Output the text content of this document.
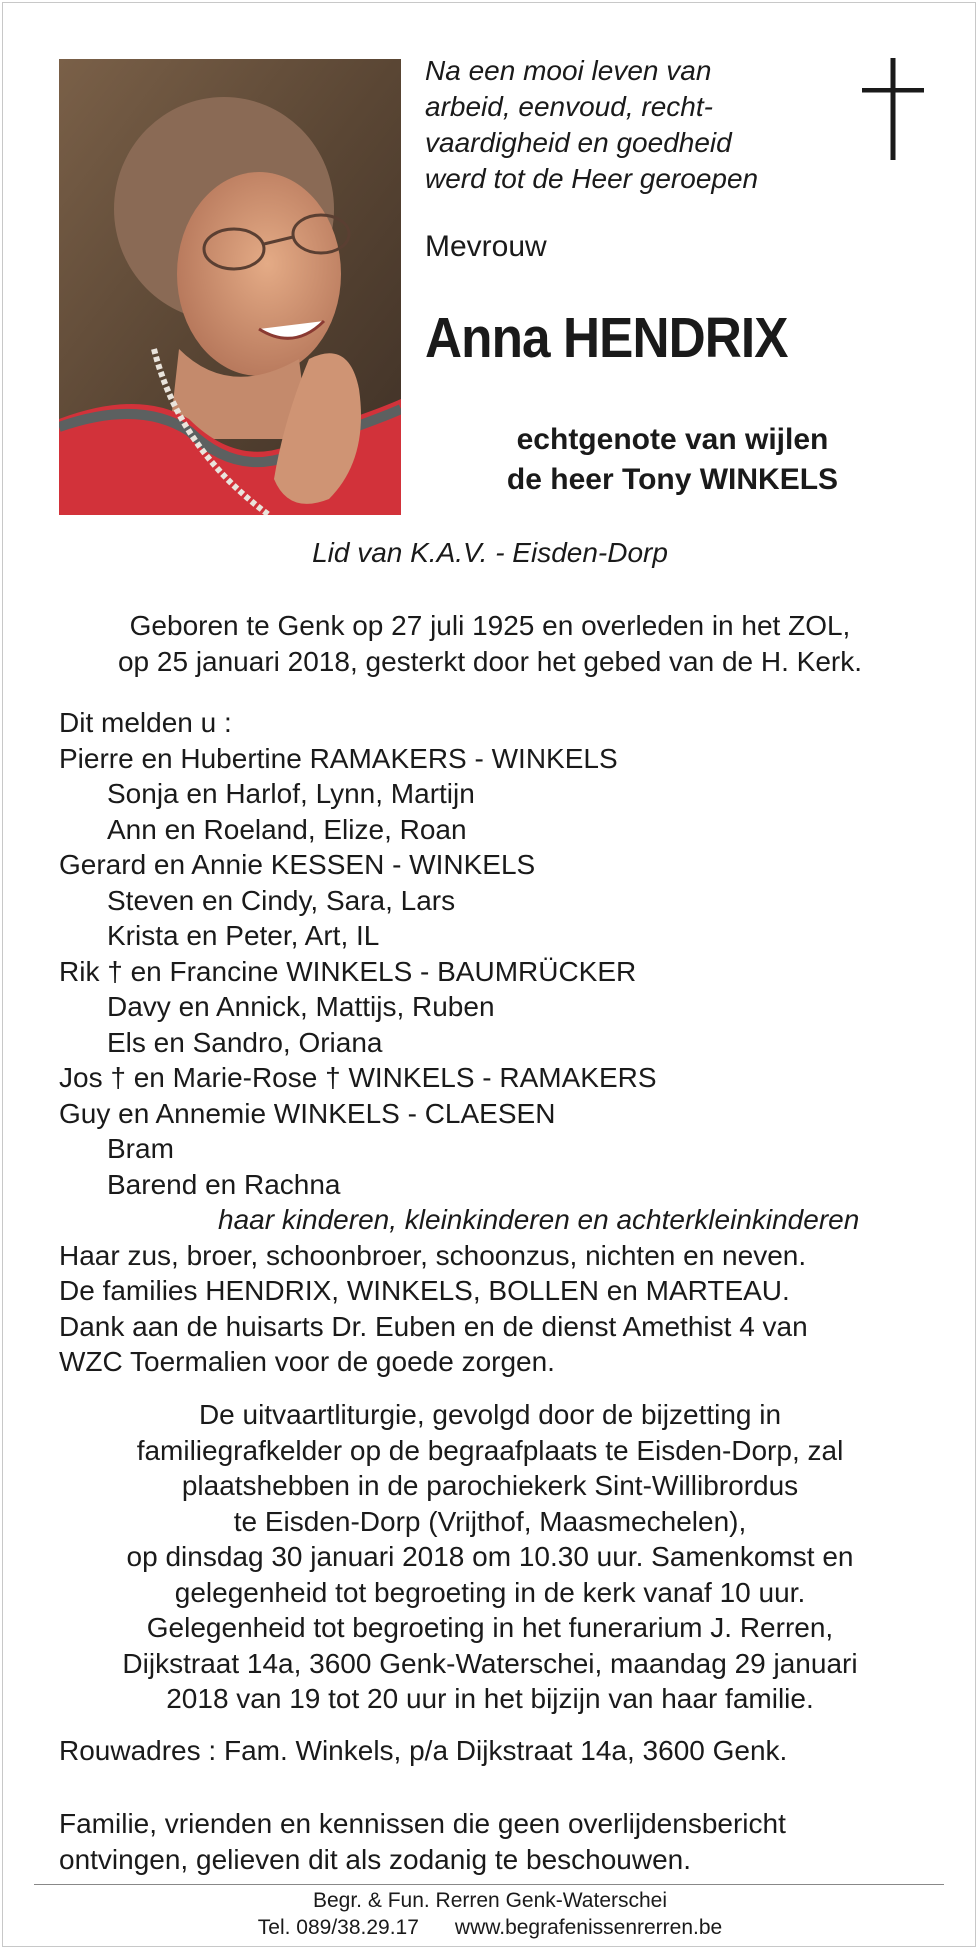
Na een mooi leven van
arbeid, eenvoud, recht-
vaardigheid en goedheid
werd tot de Heer geroepen
Mevrouw
Anna HENDRIX
echtgenote van wijlen
de heer Tony WINKELS
Lid van K.A.V. - Eisden-Dorp
Geboren te Genk op 27 juli 1925 en overleden in het ZOL,
op 25 januari 2018, gesterkt door het gebed van de H. Kerk.
Dit melden u :
Pierre en Hubertine RAMAKERS - WINKELS
Sonja en Harlof, Lynn, Martijn
Ann en Roeland, Elize, Roan
Gerard en Annie KESSEN - WINKELS
Steven en Cindy, Sara, Lars
Krista en Peter, Art, IL
Rik † en Francine WINKELS - BAUMRÜCKER
Davy en Annick, Mattijs, Ruben
Els en Sandro, Oriana
Jos † en Marie-Rose † WINKELS - RAMAKERS
Guy en Annemie WINKELS - CLAESEN
Bram
Barend en Rachna
haar kinderen, kleinkinderen en achterkleinkinderen
Haar zus, broer, schoonbroer, schoonzus, nichten en neven.
De families HENDRIX, WINKELS, BOLLEN en MARTEAU.
Dank aan de huisarts Dr. Euben en de dienst Amethist 4 van
WZC Toermalien voor de goede zorgen.
De uitvaartliturgie, gevolgd door de bijzetting in
familiegrafkelder op de begraafplaats te Eisden-Dorp, zal
plaatshebben in de parochiekerk Sint-Willibrordus
te Eisden-Dorp (Vrijthof, Maasmechelen),
op dinsdag 30 januari 2018 om 10.30 uur. Samenkomst en
gelegenheid tot begroeting in de kerk vanaf 10 uur.
Gelegenheid tot begroeting in het funerarium J. Rerren,
Dijkstraat 14a, 3600 Genk-Waterschei, maandag 29 januari
2018 van 19 tot 20 uur in het bijzijn van haar familie.
Rouwadres : Fam. Winkels, p/a Dijkstraat 14a, 3600 Genk.
Familie, vrienden en kennissen die geen overlijdensbericht
ontvingen, gelieven dit als zodanig te beschouwen.
Begr. & Fun. Rerren Genk-Waterschei
Tel. 089/38.29.17 www.begrafenissenrerren.be
